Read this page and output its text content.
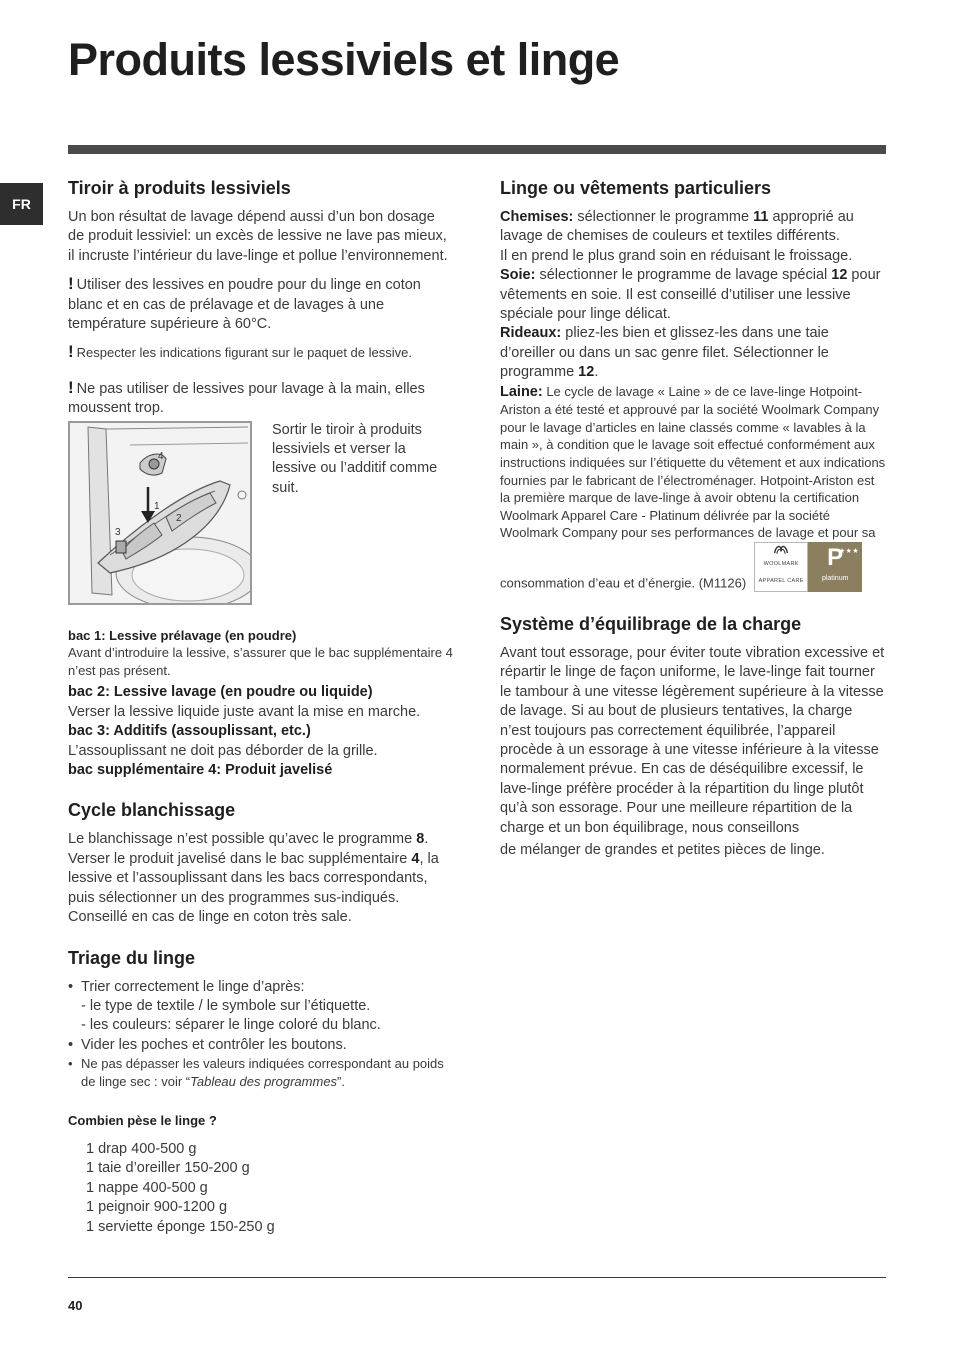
Produits lessiviels et linge
FR
Tiroir à produits lessiviels

Un bon résultat de lavage dépend aussi d’un bon dosage de produit lessiviel: un excès de lessive ne lave pas mieux, il incruste l’intérieur du lave-linge et pollue l’environnement.

! Utiliser des lessives en poudre pour du linge en coton blanc et en cas de prélavage et de lavages à une température supérieure à 60°C.

! Respecter les indications figurant sur le paquet de lessive.

! Ne pas utiliser de lessives pour lavage à la main, elles moussent trop.

4
1
2
3

Sortir le tiroir à produits lessiviels et verser la lessive ou l’additif comme suit.

bac 1: Lessive prélavage (en poudre)

Avant d’introduire la lessive, s’assurer que le bac supplémentaire 4 n’est pas présent.

bac 2: Lessive lavage (en poudre ou liquide)

Verser la lessive liquide juste avant la mise en marche.

bac 3: Additifs (assouplissant, etc.)

L’assouplissant ne doit pas déborder de la grille.

bac supplémentaire 4: Produit javelisé

Cycle blanchissage

Le blanchissage n’est possible qu’avec le programme 8. Verser le produit javelisé dans le bac supplémentaire 4, la lessive et l’assouplissant dans les bacs correspondants, puis sélectionner un des programmes sus-indiqués. Conseillé en cas de linge en coton très sale.

Triage du linge
• Trier correctement le linge d’après:
- le type de textile / le symbole sur l’étiquette.
- les couleurs: séparer le linge coloré du blanc.
• Vider les poches et contrôler les boutons.
• Ne pas dépasser les valeurs indiquées correspondant au poids de linge sec : voir “Tableau des programmes”.

Combien pèse le linge ?

1 drap 400-500 g

1 taie d’oreiller 150-200 g

1 nappe 400-500 g

1 peignoir 900-1200 g

1 serviette éponge 150-250 g

Linge ou vêtements particuliers

Chemises: sélectionner le programme 11 approprié au lavage de chemises de couleurs et textiles différents.

Il en prend le plus grand soin en réduisant le froissage.

Soie: sélectionner le programme de lavage spécial 12 pour vêtements en soie. Il est conseillé d’utiliser une lessive spéciale pour linge délicat.

Rideaux: pliez-les bien et glissez-les dans une taie d’oreiller ou dans un sac genre filet. Sélectionner le programme 12.

Laine: Le cycle de lavage « Laine » de ce lave-linge Hotpoint-Ariston a été testé et approuvé par la société Woolmark Company pour le lavage d’articles en laine classés comme « lavables à la main », à condition que le lavage soit effectué conformément aux instructions indiquées sur l’étiquette du vêtement et aux indications fournies par le fabricant de l’électroménager. Hotpoint-Ariston est la première marque de lave-linge à avoir obtenu la certification Woolmark Apparel Care - Platinum délivrée par la société Woolmark Company pour ses performances de lavage et pour sa consommation d’eau et d’énergie. (M1126)
WOOLMARK
APPAREL CARE
★★★
P
platinum

Système d’équilibrage de la charge

Avant tout essorage, pour éviter toute vibration excessive et répartir le linge de façon uniforme, le lave-linge fait tourner le tambour à une vitesse légèrement supérieure à la vitesse de lavage. Si au bout de plusieurs tentatives, la charge n’est toujours pas correctement équilibrée, l’appareil procède à un essorage à une vitesse inférieure à la vitesse normalement prévue. En cas de déséquilibre excessif, le lave-linge préfère procéder à la répartition du linge plutôt qu’à son essorage. Pour une meilleure répartition de la charge et un bon équilibrage, nous conseillons

de mélanger de grandes et petites pièces de linge.

40
